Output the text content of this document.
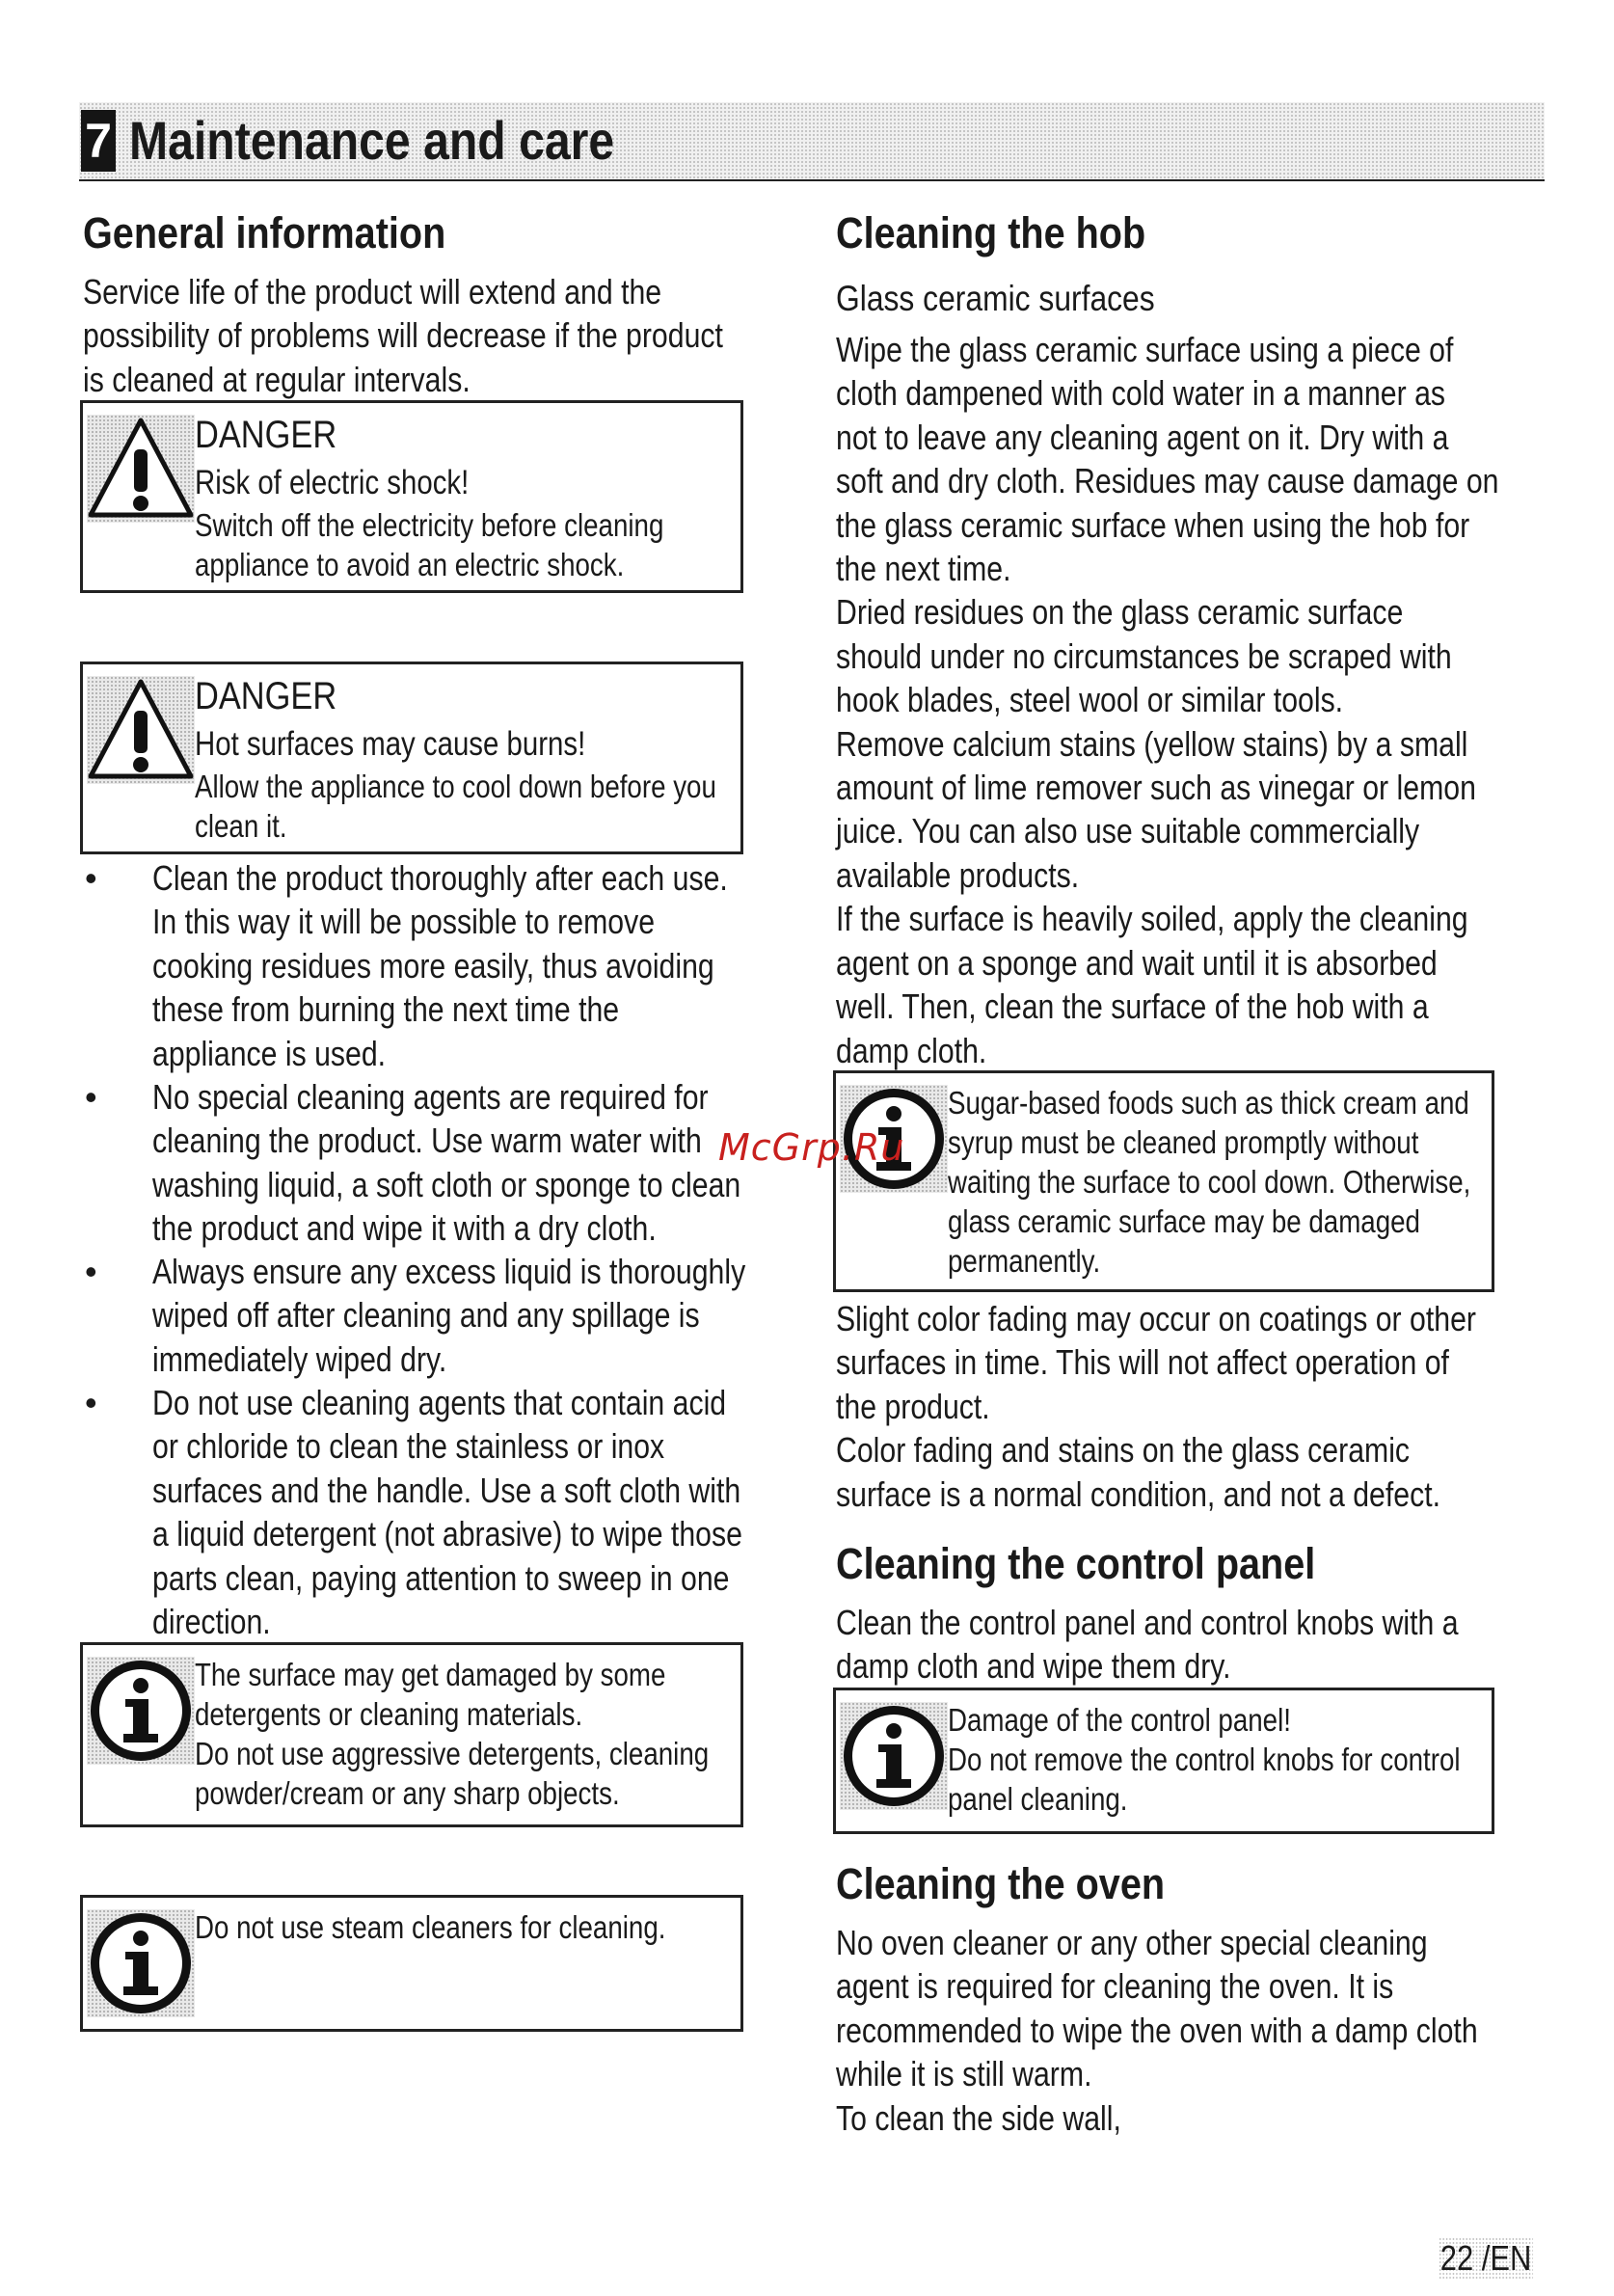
7 Maintenance and care
General information
Service life of the product will extend and the
possibility of problems will decrease if the product
is cleaned at regular intervals.
DANGER
Risk of electric shock!
Switch off the electricity before cleaning
appliance to avoid an electric shock.
DANGER
Hot surfaces may cause burns!
Allow the appliance to cool down before you
clean it.
• Clean the product thoroughly after each use.
In this way it will be possible to remove
cooking residues more easily, thus avoiding
these from burning the next time the
appliance is used.
• No special cleaning agents are required for
cleaning the product. Use warm water with
washing liquid, a soft cloth or sponge to clean
the product and wipe it with a dry cloth.
• Always ensure any excess liquid is thoroughly
wiped off after cleaning and any spillage is
immediately wiped dry.
• Do not use cleaning agents that contain acid
or chloride to clean the stainless or inox
surfaces and the handle. Use a soft cloth with
a liquid detergent (not abrasive) to wipe those
parts clean, paying attention to sweep in one
direction.
The surface may get damaged by some
detergents or cleaning materials.
Do not use aggressive detergents, cleaning
powder/cream or any sharp objects.
Do not use steam cleaners for cleaning.
Cleaning the hob
Glass ceramic surfaces
Wipe the glass ceramic surface using a piece of
cloth dampened with cold water in a manner as
not to leave any cleaning agent on it. Dry with a
soft and dry cloth. Residues may cause damage on
the glass ceramic surface when using the hob for
the next time.
Dried residues on the glass ceramic surface
should under no circumstances be scraped with
hook blades, steel wool or similar tools.
Remove calcium stains (yellow stains) by a small
amount of lime remover such as vinegar or lemon
juice. You can also use suitable commercially
available products.
If the surface is heavily soiled, apply the cleaning
agent on a sponge and wait until it is absorbed
well. Then, clean the surface of the hob with a
damp cloth.
Sugar-based foods such as thick cream and
syrup must be cleaned promptly without
waiting the surface to cool down. Otherwise,
glass ceramic surface may be damaged
permanently.
Slight color fading may occur on coatings or other
surfaces in time. This will not affect operation of
the product.
Color fading and stains on the glass ceramic
surface is a normal condition, and not a defect.
Cleaning the control panel
Clean the control panel and control knobs with a
damp cloth and wipe them dry.
Damage of the control panel!
Do not remove the control knobs for control
panel cleaning.
Cleaning the oven
No oven cleaner or any other special cleaning
agent is required for cleaning the oven. It is
recommended to wipe the oven with a damp cloth
while it is still warm.
To clean the side wall,
McGrp.Ru
22 /EN
